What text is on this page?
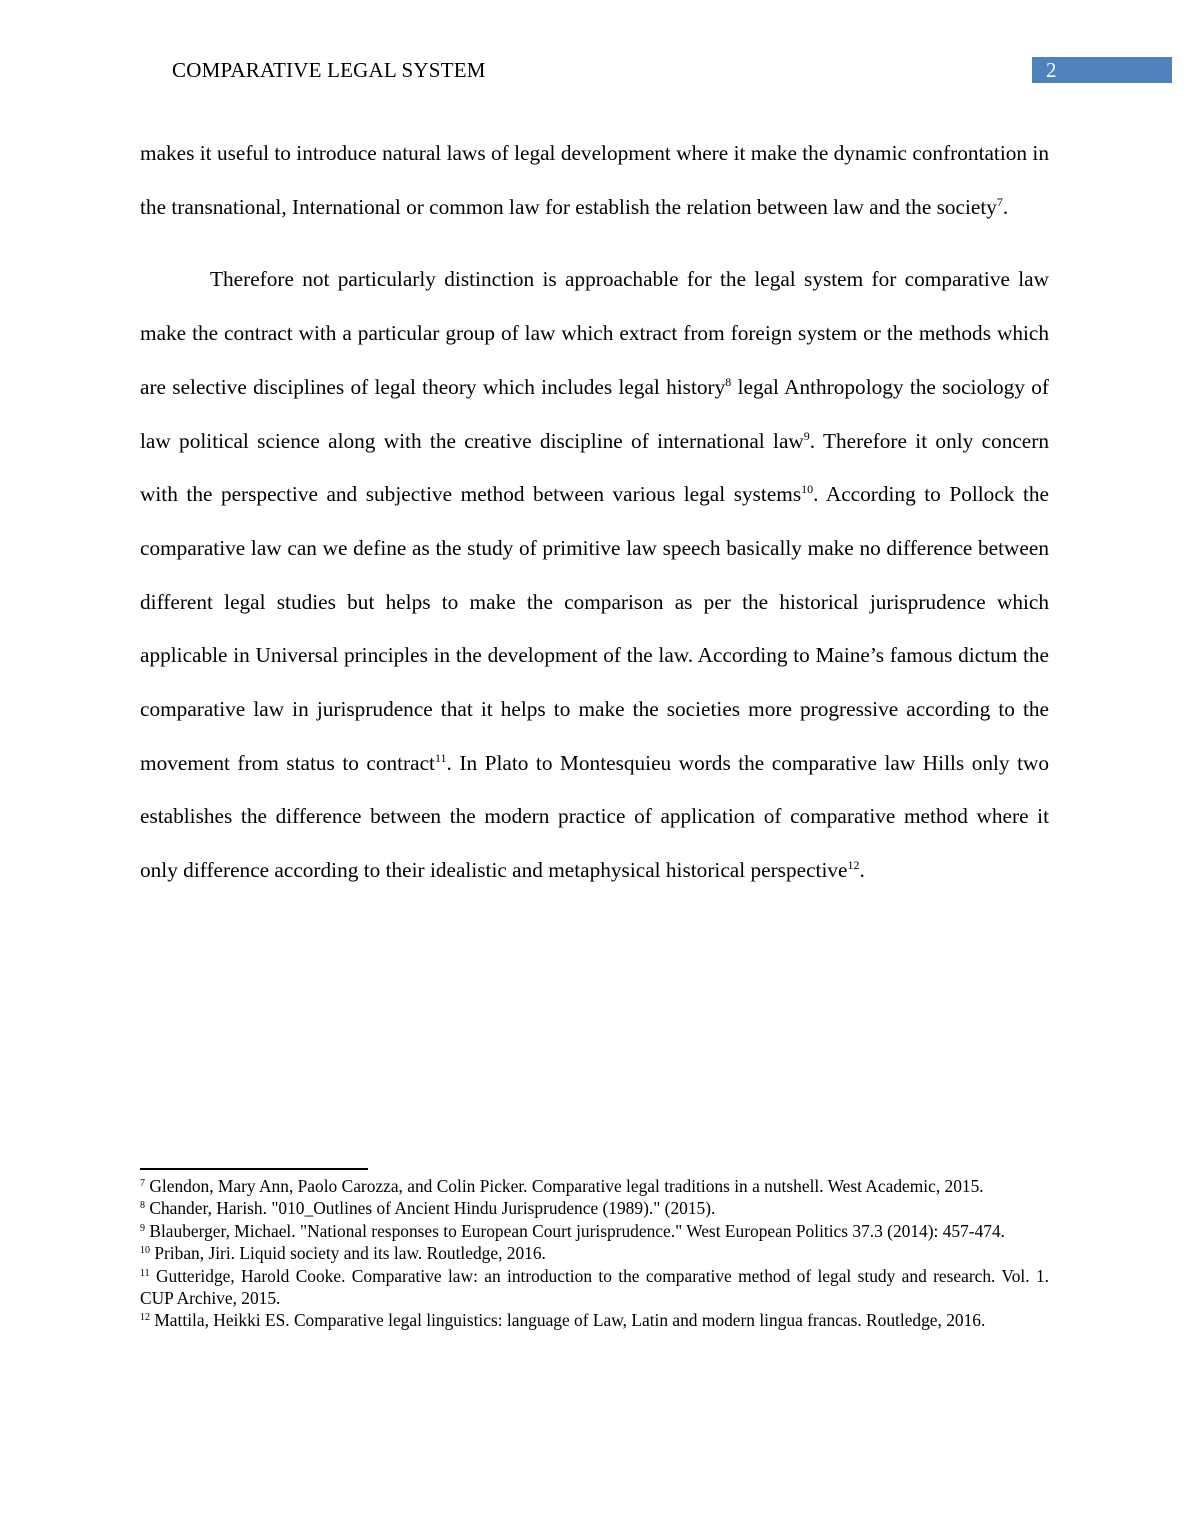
COMPARATIVE LEGAL SYSTEM	2

makes it useful to introduce natural laws of legal development where it make the dynamic confrontation in the transnational, International or common law for establish the relation between law and the society$^7$.

Therefore not particularly distinction is approachable for the legal system for comparative law make the contract with a particular group of law which extract from foreign system or the methods which are selective disciplines of legal theory which includes legal history$^8$ legal Anthropology the sociology of law political science along with the creative discipline of international law$^9$. Therefore it only concern with the perspective and subjective method between various legal systems$^{10}$. According to Pollock the comparative law can we define as the study of primitive law speech basically make no difference between different legal studies but helps to make the comparison as per the historical jurisprudence which applicable in Universal principles in the development of the law. According to Maine’s famous dictum the comparative law in jurisprudence that it helps to make the societies more progressive according to the movement from status to contract$^{11}$. In Plato to Montesquieu words the comparative law Hills only two establishes the difference between the modern practice of application of comparative method where it only difference according to their idealistic and metaphysical historical perspective$^{12}$.

$^7$ Glendon, Mary Ann, Paolo Carozza, and Colin Picker. Comparative legal traditions in a nutshell. West Academic, 2015.

$^8$ Chander, Harish. "010_Outlines of Ancient Hindu Jurisprudence (1989)." (2015).

$^9$ Blauberger, Michael. "National responses to European Court jurisprudence." West European Politics 37.3 (2014): 457-474.

$^{10}$ Priban, Jiri. Liquid society and its law. Routledge, 2016.

$^{11}$ Gutteridge, Harold Cooke. Comparative law: an introduction to the comparative method of legal study and research. Vol. 1. CUP Archive, 2015.

$^{12}$ Mattila, Heikki ES. Comparative legal linguistics: language of Law, Latin and modern lingua francas. Routledge, 2016.
